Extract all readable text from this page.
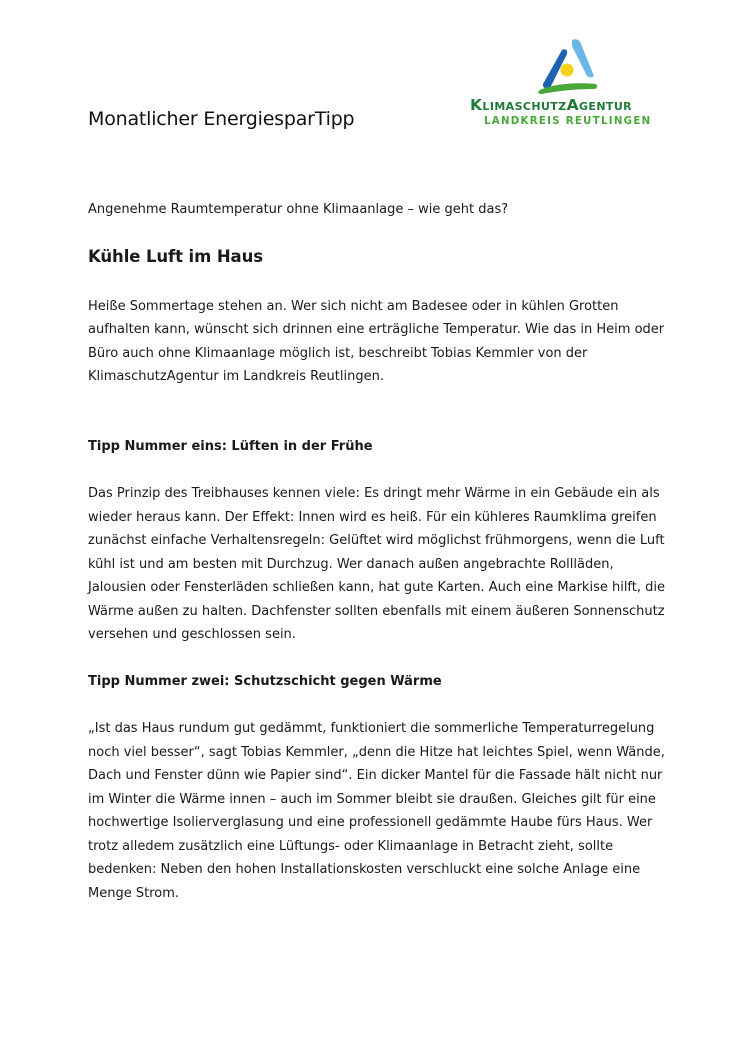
Monatlicher EnergiesparTipp
KlimaschutzAgentur
LANDKREIS REUTLINGEN

Angenehme Raumtemperatur ohne Klimaanlage – wie geht das?

Kühle Luft im Haus

Heiße Sommertage stehen an. Wer sich nicht am Badesee oder in kühlen Grotten aufhalten kann, wünscht sich drinnen eine erträgliche Temperatur. Wie das in Heim oder Büro auch ohne Klimaanlage möglich ist, beschreibt Tobias Kemmler von der KlimaschutzAgentur im Landkreis Reutlingen.

Tipp Nummer eins: Lüften in der Frühe

Das Prinzip des Treibhauses kennen viele: Es dringt mehr Wärme in ein Gebäude ein als wieder heraus kann. Der Effekt: Innen wird es heiß. Für ein kühleres Raumklima greifen zunächst einfache Verhaltensregeln: Gelüftet wird möglichst frühmorgens, wenn die Luft kühl ist und am besten mit Durchzug. Wer danach außen angebrachte Rollläden, Jalousien oder Fensterläden schließen kann, hat gute Karten. Auch eine Markise hilft, die Wärme außen zu halten. Dachfenster sollten ebenfalls mit einem äußeren Sonnenschutz versehen und geschlossen sein.

Tipp Nummer zwei: Schutzschicht gegen Wärme

„Ist das Haus rundum gut gedämmt, funktioniert die sommerliche Temperaturregelung noch viel besser“, sagt Tobias Kemmler, „denn die Hitze hat leichtes Spiel, wenn Wände, Dach und Fenster dünn wie Papier sind“. Ein dicker Mantel für die Fassade hält nicht nur im Winter die Wärme innen – auch im Sommer bleibt sie draußen. Gleiches gilt für eine hochwertige Isolierverglasung und eine professionell gedämmte Haube fürs Haus. Wer trotz alledem zusätzlich eine Lüftungs- oder Klimaanlage in Betracht zieht, sollte bedenken: Neben den hohen Installationskosten verschluckt eine solche Anlage eine Menge Strom.
